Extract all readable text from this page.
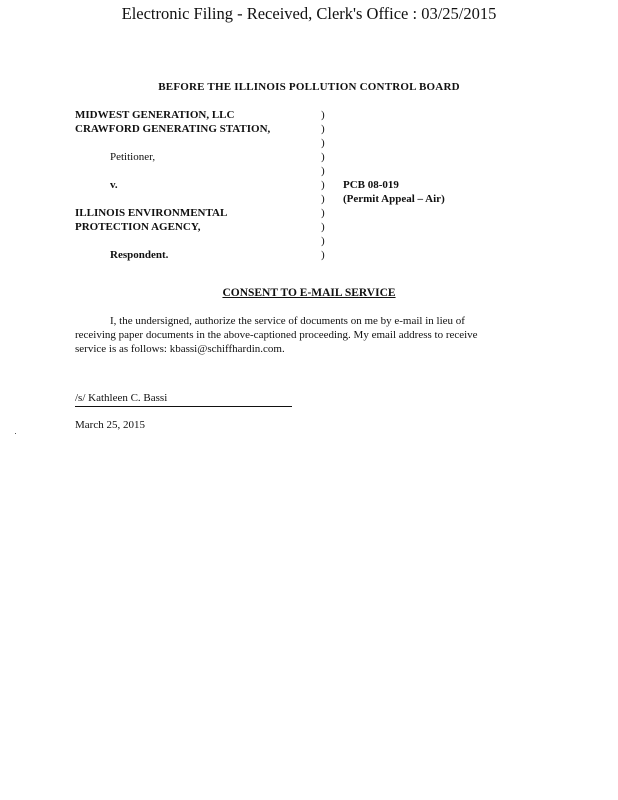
Electronic Filing - Received, Clerk's Office : 03/25/2015
BEFORE THE ILLINOIS POLLUTION CONTROL BOARD
MIDWEST GENERATION, LLC
CRAWFORD GENERATING STATION,
Petitioner,
v.
ILLINOIS ENVIRONMENTAL
PROTECTION AGENCY,
Respondent.
)
)
)
)
)
)
)
)
)
)
)
PCB 08-019
(Permit Appeal – Air)
CONSENT TO E-MAIL SERVICE
I, the undersigned, authorize the service of documents on me by e-mail in lieu of
receiving paper documents in the above-captioned proceeding. My email address to receive
service is as follows: kbassi@schiffhardin.com.
/s/ Kathleen C. Bassi
March 25, 2015
